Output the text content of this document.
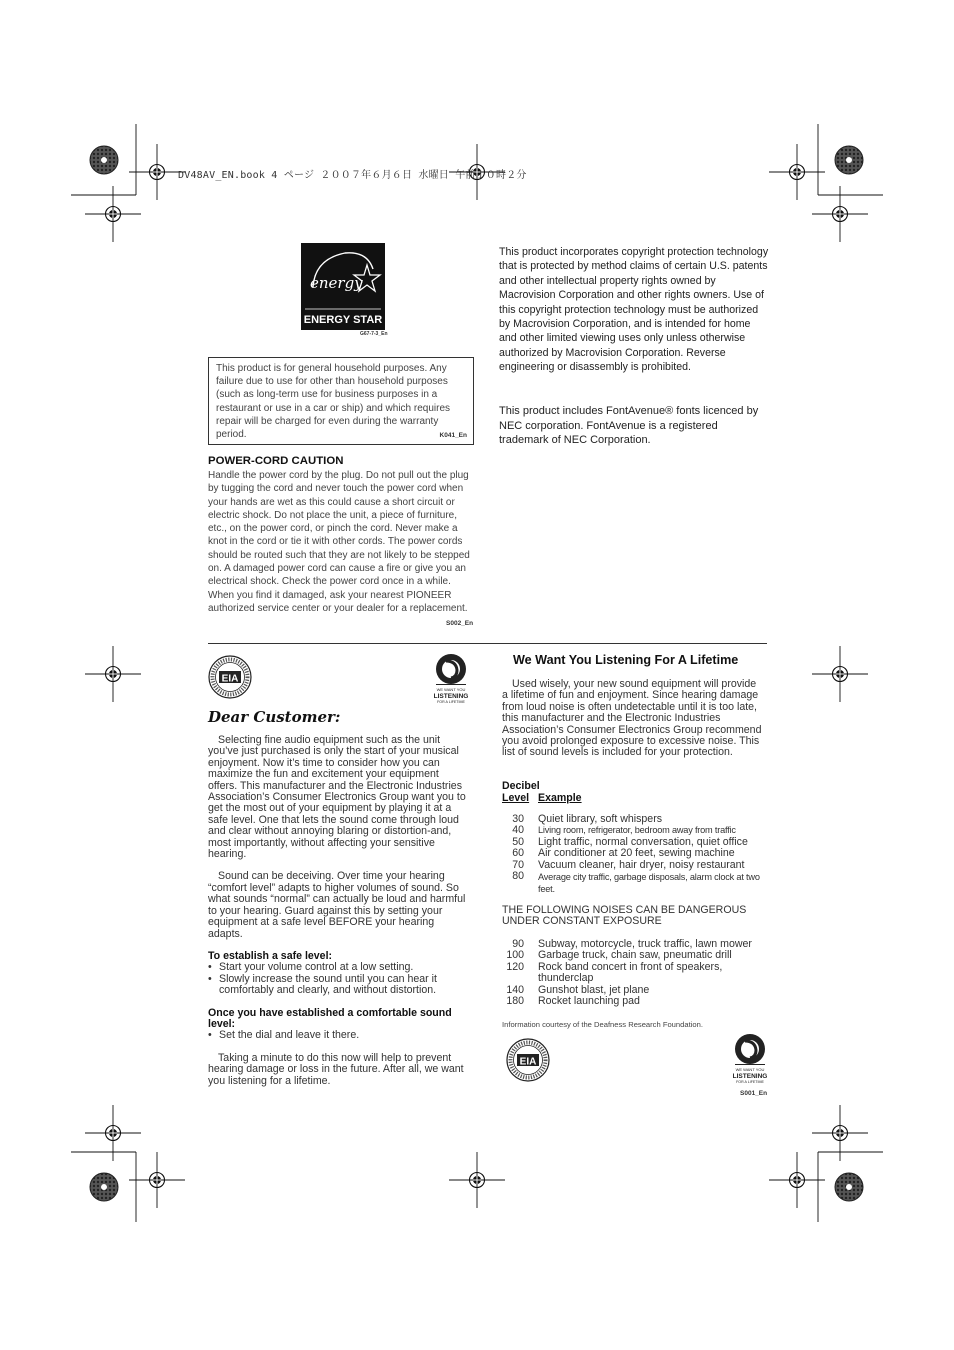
DV48AV_EN.book 4 ページ ２００７年６月６日 水曜日 午前１０時２分
energy
ENERGY STAR
G67-7-3_En

This product is for general household purposes. Any failure due to use for other than household purposes (such as long-term use for business purposes in a restaurant or use in a car or ship) and which requires repair will be charged for even during the warranty period.	K041_En
POWER-CORD CAUTION

Handle the power cord by the plug. Do not pull out the plug by tugging the cord and never touch the power cord when your hands are wet as this could cause a short circuit or electric shock. Do not place the unit, a piece of furniture, etc., on the power cord, or pinch the cord. Never make a knot in the cord or tie it with other cords. The power cords should be routed such that they are not likely to be stepped on. A damaged power cord can cause a fire or give you an electrical shock. Check the power cord once in a while. When you find it damaged, ask your nearest PIONEER authorized service center or your dealer for a replacement.

S002_En

This product incorporates copyright protection technology that is protected by method claims of certain U.S. patents and other intellectual property rights owned by Macrovision Corporation and other rights owners. Use of this copyright protection technology must be authorized by Macrovision Corporation, and is intended for home and other limited viewing uses only unless otherwise authorized by Macrovision Corporation. Reverse engineering or disassembly is prohibited.

This product includes FontAvenue® fonts licenced by NEC corporation. FontAvenue is a registered trademark of NEC Corporation.

EIA
WE WANT YOU
LISTENING
FOR A LIFETIME
Dear Customer:

Selecting fine audio equipment such as the unit you’ve just purchased is only the start of your musical enjoyment. Now it’s time to consider how you can maximize the fun and excitement your equipment offers. This manufacturer and the Electronic Industries Association’s Consumer Electronics Group want you to get the most out of your equipment by playing it at a safe level. One that lets the sound come through loud and clear without annoying blaring or distortion-and, most importantly, without affecting your sensitive hearing.

Sound can be deceiving. Over time your hearing “comfort level” adapts to higher volumes of sound. So what sounds “normal” can actually be loud and harmful to your hearing. Guard against this by setting your equipment at a safe level BEFORE your hearing adapts.

To establish a safe level:

• Start your volume control at a low setting.
• Slowly increase the sound until you can hear it comfortably and clearly, and without distortion.

Once you have established a comfortable sound level:

• Set the dial and leave it there.

Taking a minute to do this now will help to prevent hearing damage or loss in the future. After all, we want you listening for a lifetime.

We Want You Listening For A Lifetime

Used wisely, your new sound equipment will provide a lifetime of fun and enjoyment. Since hearing damage from loud noise is often undetectable until it is too late, this manufacturer and the Electronic Industries Association’s Consumer Electronics Group recommend you avoid prolonged exposure to excessive noise. This list of sound levels is included for your protection.

Decibel
Level Example
30 Quiet library, soft whispers
40 Living room, refrigerator, bedroom away from traffic
50 Light traffic, normal conversation, quiet office
60 Air conditioner at 20 feet, sewing machine
70 Vacuum cleaner, hair dryer, noisy restaurant
80 Average city traffic, garbage disposals, alarm clock at two feet.

THE FOLLOWING NOISES CAN BE DANGEROUS UNDER CONSTANT EXPOSURE

90 Subway, motorcycle, truck traffic, lawn mower
100 Garbage truck, chain saw, pneumatic drill
120 Rock band concert in front of speakers, thunderclap
140 Gunshot blast, jet plane
180 Rocket launching pad
Information courtesy of the Deafness Research Foundation.
EIA
WE WANT YOU
LISTENING
FOR A LIFETIME
S001_En
